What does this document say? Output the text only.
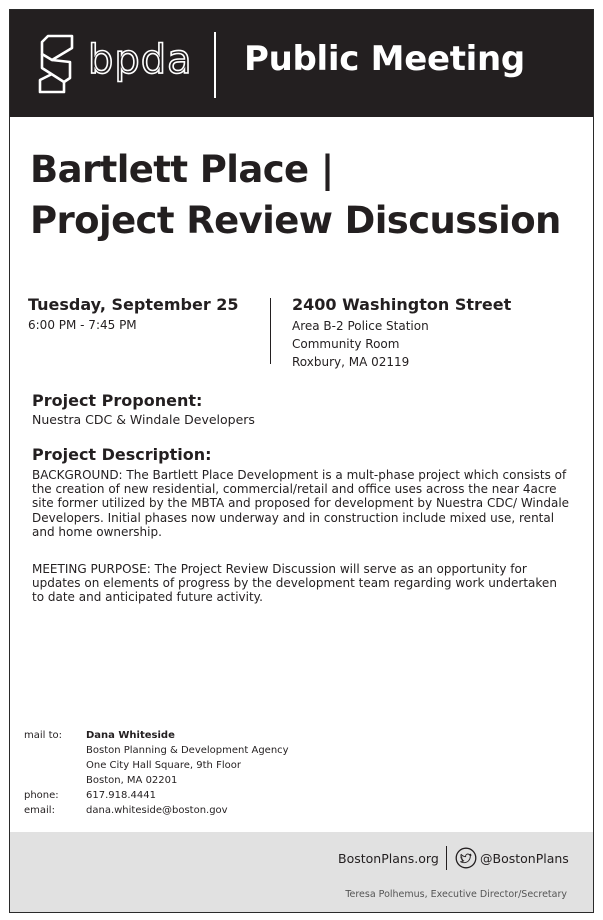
bpda Public Meeting
Bartlett Place |
Project Review Discussion
Tuesday, September 25
6:00 PM - 7:45 PM
2400 Washington Street
Area B-2 Police Station
Community Room
Roxbury, MA 02119
Project Proponent:
Nuestra CDC & Windale Developers
Project Description:
BACKGROUND: The Bartlett Place Development is a mult-phase project which consists of the creation of new residential, commercial/retail and office uses across the near 4acre site former utilized by the MBTA and proposed for development by Nuestra CDC/ Windale Developers. Initial phases now underway and in construction include mixed use, rental and home ownership.
MEETING PURPOSE: The Project Review Discussion will serve as an opportunity for updates on elements of progress by the development team regarding work undertaken to date and anticipated future activity.
mail to:	Dana Whiteside
Boston Planning & Development Agency
One City Hall Square, 9th Floor
Boston, MA 02201
phone:	617.918.4441
email:	dana.whiteside@boston.gov
BostonPlans.org	@BostonPlans
Teresa Polhemus, Executive Director/Secretary
